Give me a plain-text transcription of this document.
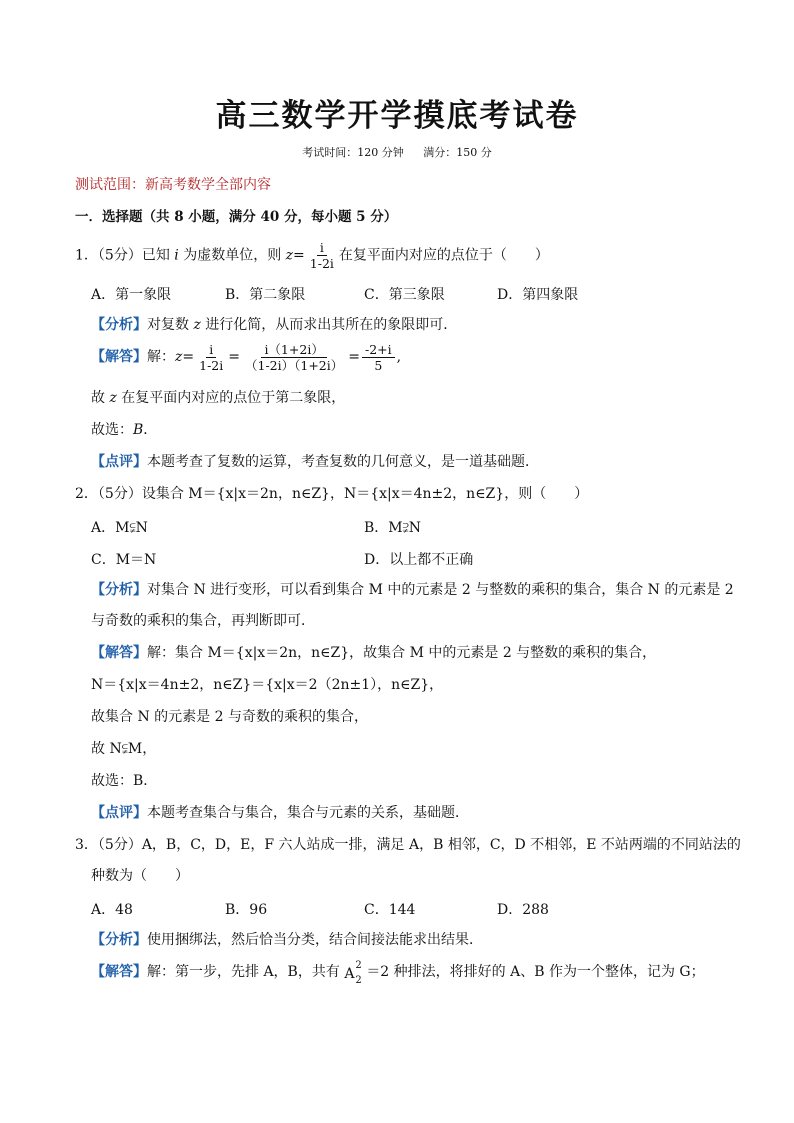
高三数学开学摸底考试卷
考试时间：120 分钟 满分：150 分
测试范围：新高考数学全部内容
一．选择题（共 8 小题，满分 40 分，每小题 5 分）
1．（5分）已知 i 为虚数单位，则 $z= \frac{i}{1-2i}$ 在复平面内对应的点位于（　　）
A．第一象限	B．第二象限	C．第三象限	D．第四象限
【分析】对复数 z 进行化简，从而求出其所在的象限即可．
【解答】解：$z= \frac{i}{1-2i} = \frac{i(1+2i)}{(1-2i)(1+2i)} = \frac{-2+i}{5}$ ,
故 z 在复平面内对应的点位于第二象限，
故选：B．
【点评】本题考查了复数的运算，考查复数的几何意义，是一道基础题．
2．（5分）设集合 M＝{x|x＝2n，n∈Z}，N＝{x|x＝4n±2，n∈Z}，则（　　）
A．M⫋N	B．M⫌N
C．M＝N	D．以上都不正确
【分析】对集合 N 进行变形，可以看到集合 M 中的元素是 2 与整数的乘积的集合，集合 N 的元素是 2
与奇数的乘积的集合，再判断即可．
【解答】解：集合 M＝{x|x＝2n，n∈Z}，故集合 M 中的元素是 2 与整数的乘积的集合，
N＝{x|x＝4n±2，n∈Z}＝{x|x＝2（2n±1），n∈Z}，
故集合 N 的元素是 2 与奇数的乘积的集合，
故 N⫋M，
故选：B．
【点评】本题考查集合与集合，集合与元素的关系，基础题．
3．（5分）A，B，C，D，E，F 六人站成一排，满足 A，B 相邻，C，D 不相邻，E 不站两端的不同站法的
种数为（　　）
A．48	B．96	C．144	D．288
【分析】使用捆绑法，然后恰当分类，结合间接法能求出结果．
【解答】解：第一步，先排 A，B，共有 A
2
2
＝2 种排法，将排好的 A、B 作为一个整体，记为 G；
